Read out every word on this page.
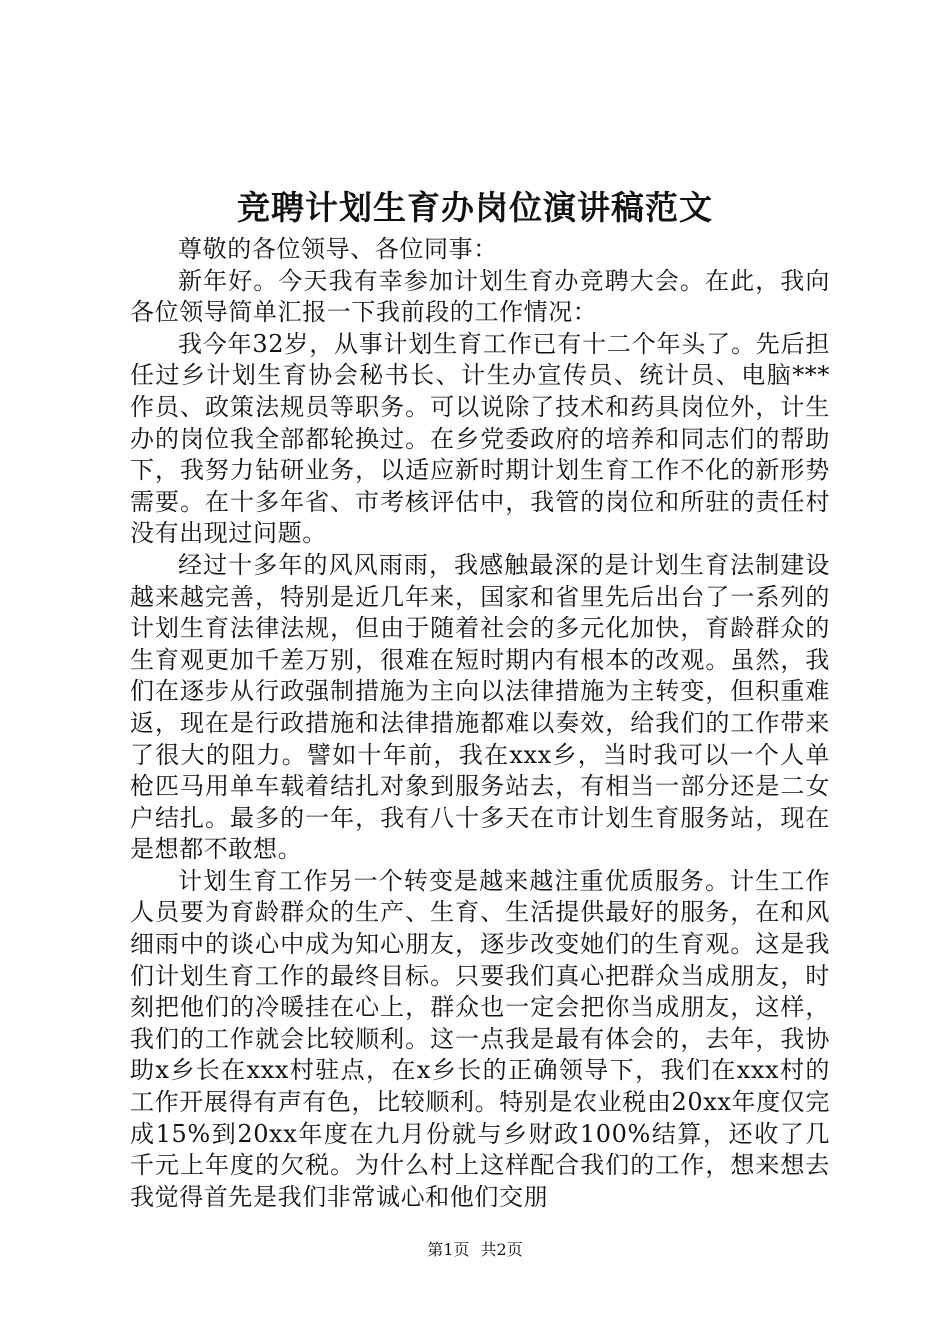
竞聘计划生育办岗位演讲稿范文

尊敬的各位领导、各位同事：

新年好。今天我有幸参加计划生育办竞聘大会。在此，我向各位领导简单汇报一下我前段的工作情况：

我今年32岁，从事计划生育工作已有十二个年头了。先后担任过乡计划生育协会秘书长、计生办宣传员、统计员、电脑***作员、政策法规员等职务。可以说除了技术和药具岗位外，计生办的岗位我全部都轮换过。在乡党委政府的培养和同志们的帮助下，我努力钻研业务，以适应新时期计划生育工作不化的新形势需要。在十多年省、市考核评估中，我管的岗位和所驻的责任村没有出现过问题。

经过十多年的风风雨雨，我感触最深的是计划生育法制建设越来越完善，特别是近几年来，国家和省里先后出台了一系列的计划生育法律法规，但由于随着社会的多元化加快，育龄群众的生育观更加千差万别，很难在短时期内有根本的改观。虽然，我们在逐步从行政强制措施为主向以法律措施为主转变，但积重难返，现在是行政措施和法律措施都难以奏效，给我们的工作带来了很大的阻力。譬如十年前，我在xxx乡，当时我可以一个人单枪匹马用单车载着结扎对象到服务站去，有相当一部分还是二女户结扎。最多的一年，我有八十多天在市计划生育服务站，现在是想都不敢想。

计划生育工作另一个转变是越来越注重优质服务。计生工作人员要为育龄群众的生产、生育、生活提供最好的服务，在和风细雨中的谈心中成为知心朋友，逐步改变她们的生育观。这是我们计划生育工作的最终目标。只要我们真心把群众当成朋友，时刻把他们的冷暖挂在心上，群众也一定会把你当成朋友，这样，我们的工作就会比较顺利。这一点我是最有体会的，去年，我协助x乡长在xxx村驻点，在x乡长的正确领导下，我们在xxx村的工作开展得有声有色，比较顺利。特别是农业税由20xx年度仅完成15%到20xx年度在九月份就与乡财政100%结算，还收了几千元上年度的欠税。为什么村上这样配合我们的工作，想来想去我觉得首先是我们非常诚心和他们交朋

第1页 共2页
